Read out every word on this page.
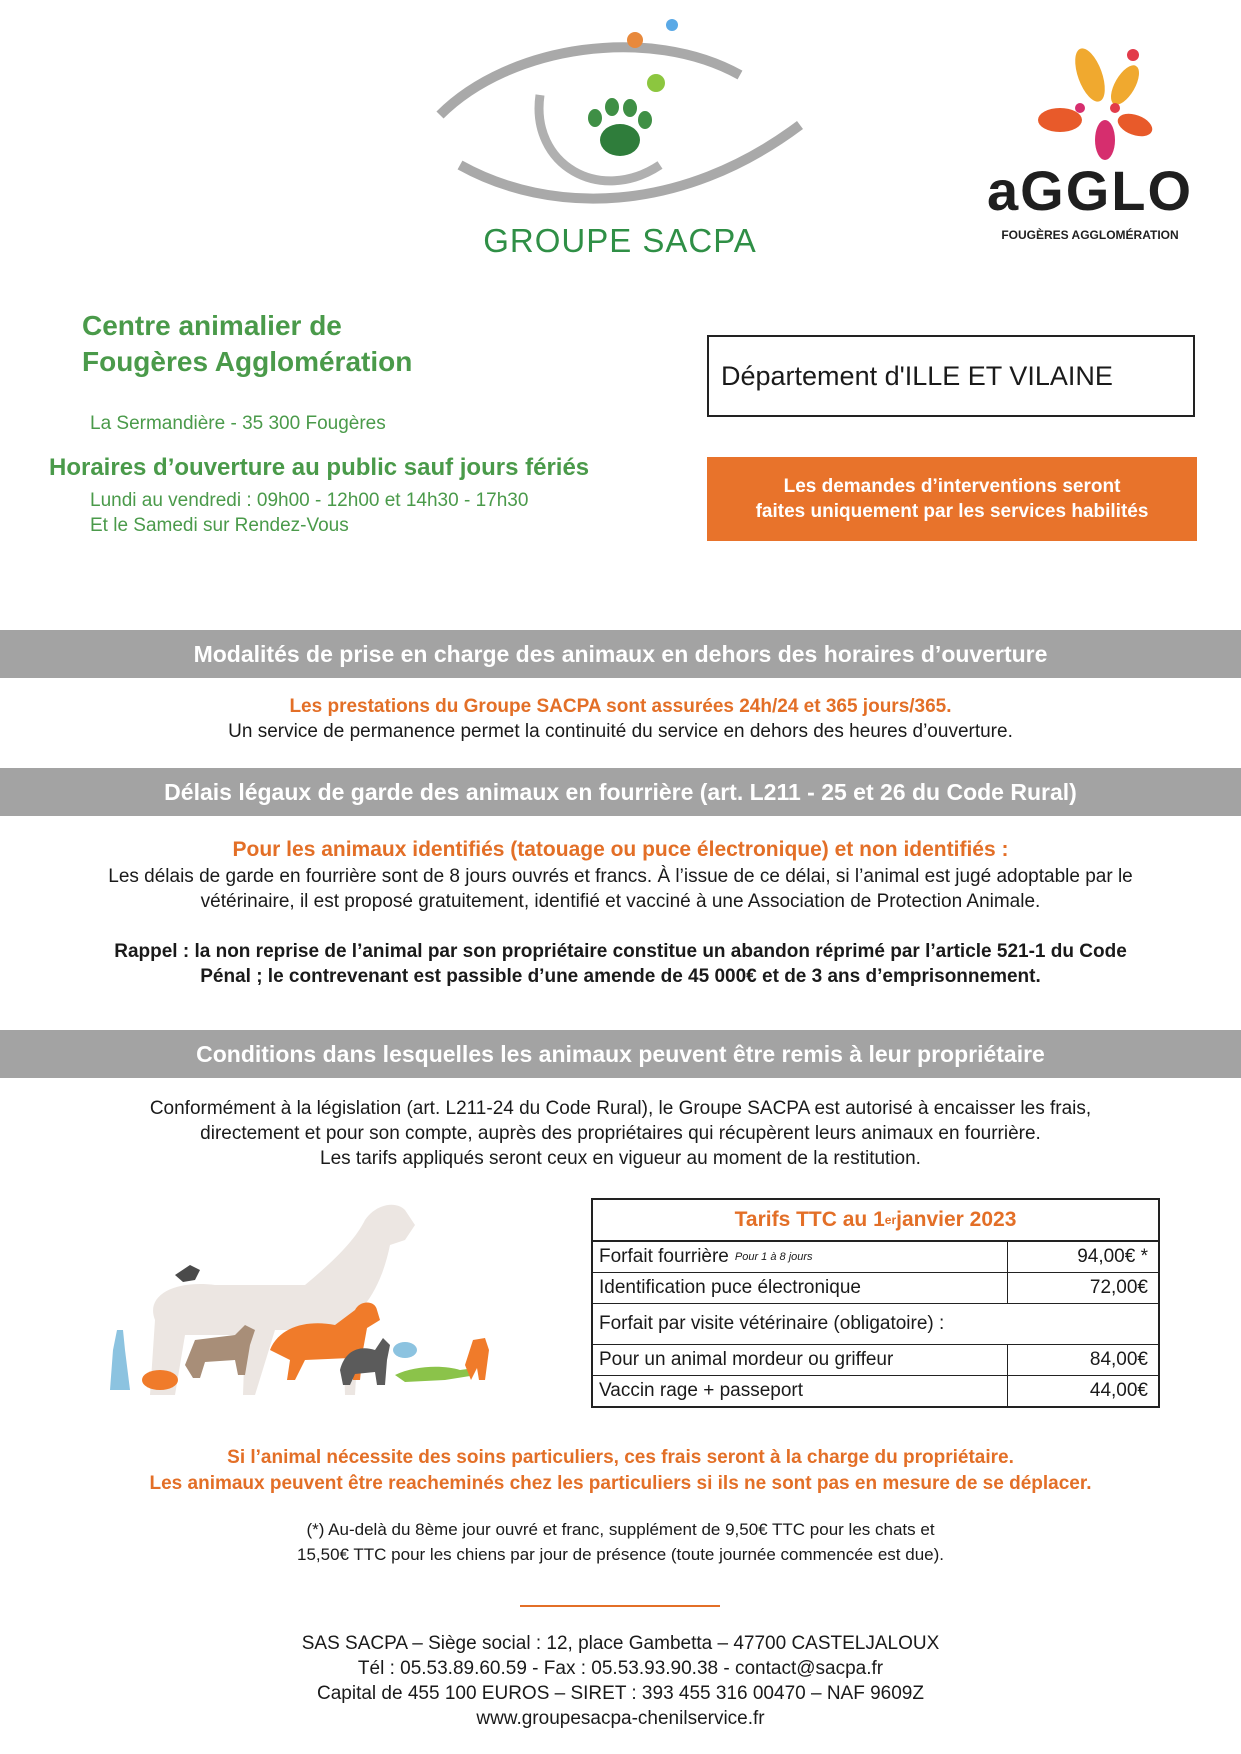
GROUPE SACPA
aGGLO
FOUGÈRES AGGLOMÉRATION
Centre animalier de
Fougères Agglomération
La Sermandière - 35 300 Fougères
Horaires d’ouverture au public sauf jours fériés
Lundi au vendredi : 09h00 - 12h00 et 14h30 - 17h30
Et le Samedi sur Rendez-Vous
Département d'ILLE ET VILAINE
Les demandes d’interventions seront
faites uniquement par les services habilités
Modalités de prise en charge des animaux en dehors des horaires d’ouverture
Les prestations du Groupe SACPA sont assurées 24h/24 et 365 jours/365.
Un service de permanence permet la continuité du service en dehors des heures d’ouverture.
Délais légaux de garde des animaux en fourrière (art. L211 - 25 et 26 du Code Rural)
Pour les animaux identifiés (tatouage ou puce électronique) et non identifiés :
Les délais de garde en fourrière sont de 8 jours ouvrés et francs. À l’issue de ce délai, si l’animal est jugé adoptable par le
vétérinaire, il est proposé gratuitement, identifié et vacciné à une Association de Protection Animale.
Rappel : la non reprise de l’animal par son propriétaire constitue un abandon réprimé par l’article 521-1 du Code
Pénal ; le contrevenant est passible d’une amende de 45 000€ et de 3 ans d’emprisonnement.
Conditions dans lesquelles les animaux peuvent être remis à leur propriétaire
Conformément à la législation (art. L211-24 du Code Rural), le Groupe SACPA est autorisé à encaisser les frais,
directement et pour son compte, auprès des propriétaires qui récupèrent leurs animaux en fourrière.
Les tarifs appliqués seront ceux en vigueur au moment de la restitution.
Tarifs TTC au 1 er janvier 2023
Forfait fourrière Pour 1 à 8 jours	94,00€ *
Identification puce électronique	72,00€
Forfait par visite vétérinaire (obligatoire) :
Pour un animal mordeur ou griffeur	84,00€
Vaccin rage + passeport	44,00€
Si l’animal nécessite des soins particuliers, ces frais seront à la charge du propriétaire.
Les animaux peuvent être reacheminés chez les particuliers si ils ne sont pas en mesure de se déplacer.
(*) Au-delà du 8ème jour ouvré et franc, supplément de 9,50€ TTC pour les chats et
15,50€ TTC pour les chiens par jour de présence (toute journée commencée est due).
SAS SACPA – Siège social : 12, place Gambetta – 47700 CASTELJALOUX
Tél : 05.53.89.60.59 - Fax : 05.53.93.90.38 - contact@sacpa.fr
Capital de 455 100 EUROS – SIRET : 393 455 316 00470 – NAF 9609Z
www.groupesacpa-chenilservice.fr
